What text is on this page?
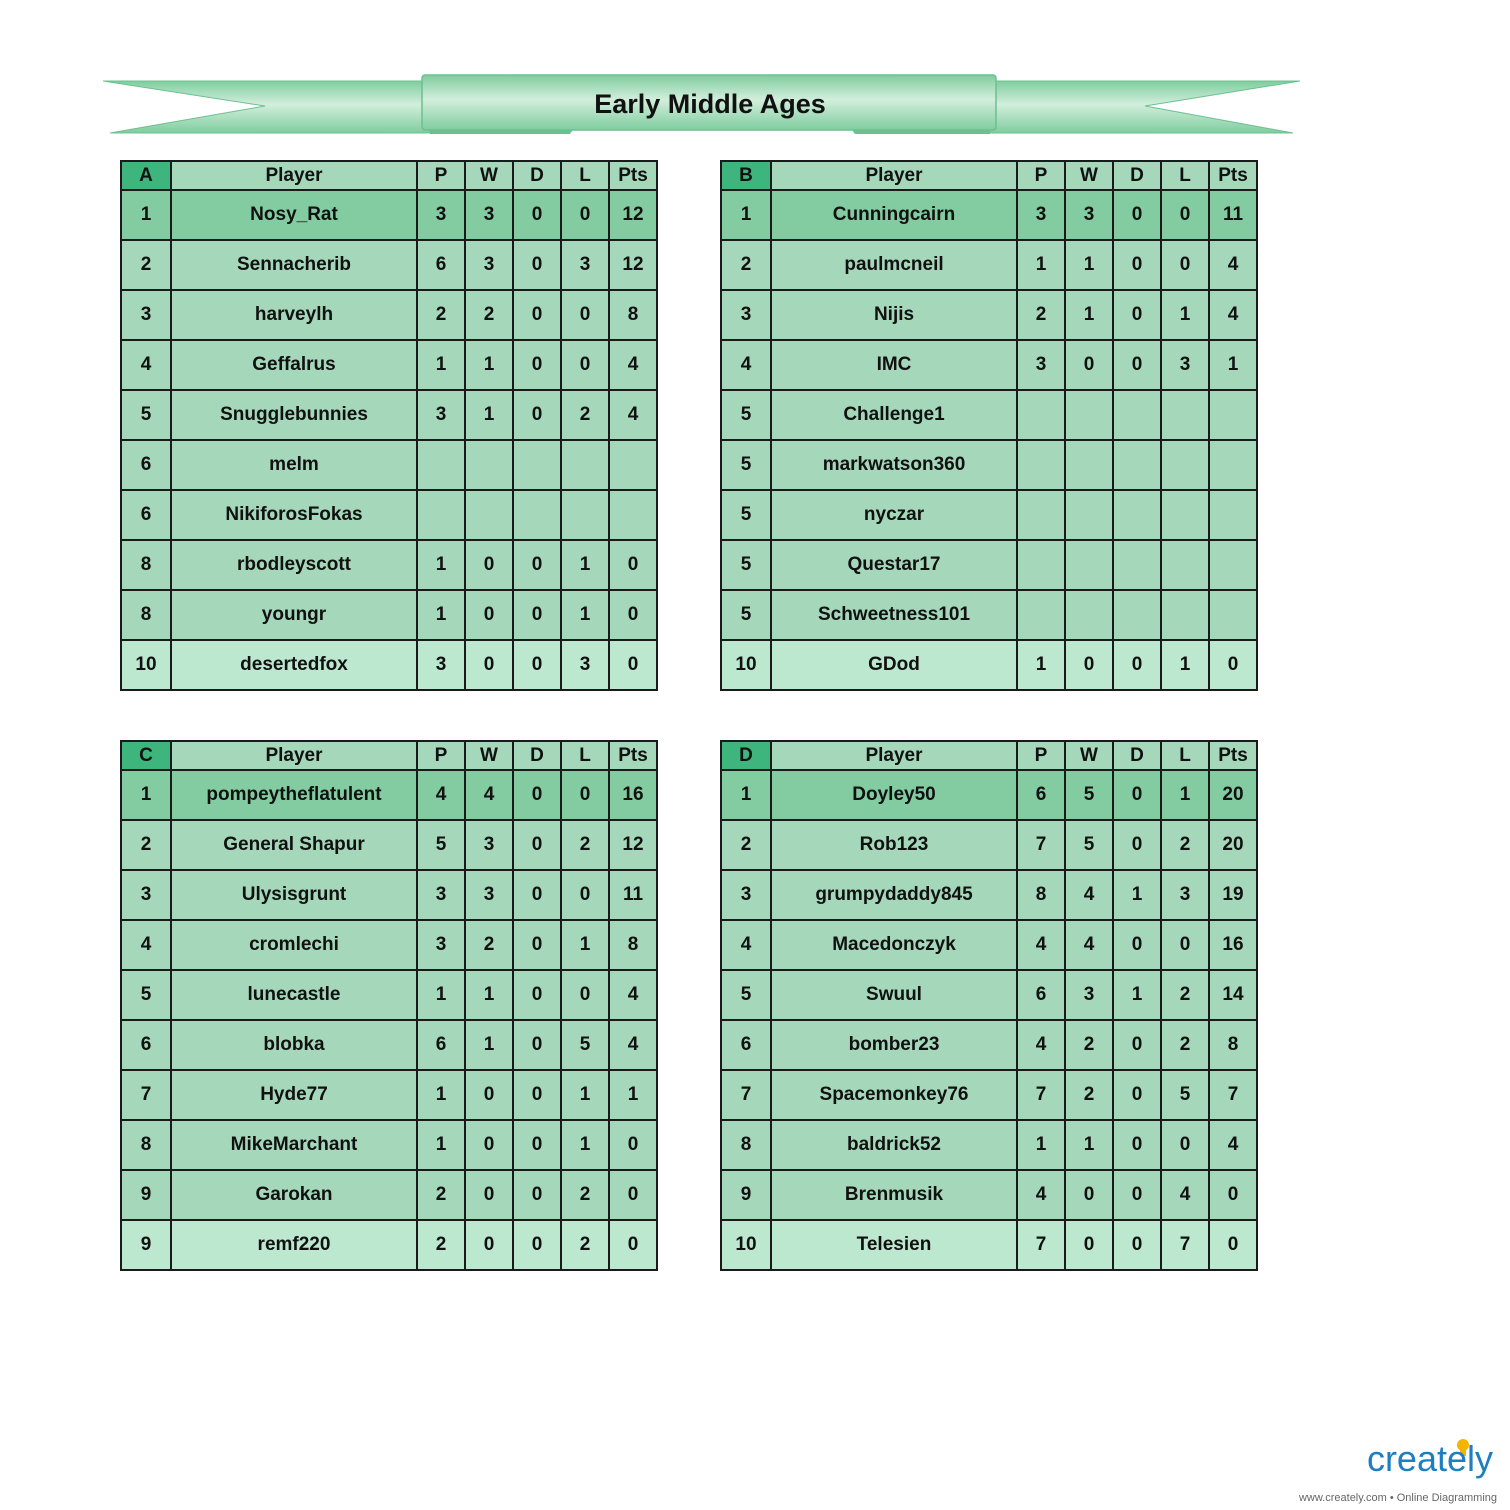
Early Middle Ages
A	Player	P	W	D	L	Pts
1	Nosy_Rat	3	3	0	0	12
2	Sennacherib	6	3	0	3	12
3	harveylh	2	2	0	0	8
4	Geffalrus	1	1	0	0	4
5	Snugglebunnies	3	1	0	2	4
6	melm					
6	NikiforosFokas					
8	rbodleyscott	1	0	0	1	0
8	youngr	1	0	0	1	0
10	desertedfox	3	0	0	3	0
B	Player	P	W	D	L	Pts
1	Cunningcairn	3	3	0	0	11
2	paulmcneil	1	1	0	0	4
3	Nijis	2	1	0	1	4
4	IMC	3	0	0	3	1
5	Challenge1					
5	markwatson360					
5	nyczar					
5	Questar17					
5	Schweetness101					
10	GDod	1	0	0	1	0
C	Player	P	W	D	L	Pts
1	pompeytheflatulent	4	4	0	0	16
2	General Shapur	5	3	0	2	12
3	Ulysisgrunt	3	3	0	0	11
4	cromlechi	3	2	0	1	8
5	lunecastle	1	1	0	0	4
6	blobka	6	1	0	5	4
7	Hyde77	1	0	0	1	1
8	MikeMarchant	1	0	0	1	0
9	Garokan	2	0	0	2	0
9	remf220	2	0	0	2	0
D	Player	P	W	D	L	Pts
1	Doyley50	6	5	0	1	20
2	Rob123	7	5	0	2	20
3	grumpydaddy845	8	4	1	3	19
4	Macedonczyk	4	4	0	0	16
5	Swuul	6	3	1	2	14
6	bomber23	4	2	0	2	8
7	Spacemonkey76	7	2	0	5	7
8	baldrick52	1	1	0	0	4
9	Brenmusik	4	0	0	4	0
10	Telesien	7	0	0	7	0
creately
www.creately.com • Online Diagramming
